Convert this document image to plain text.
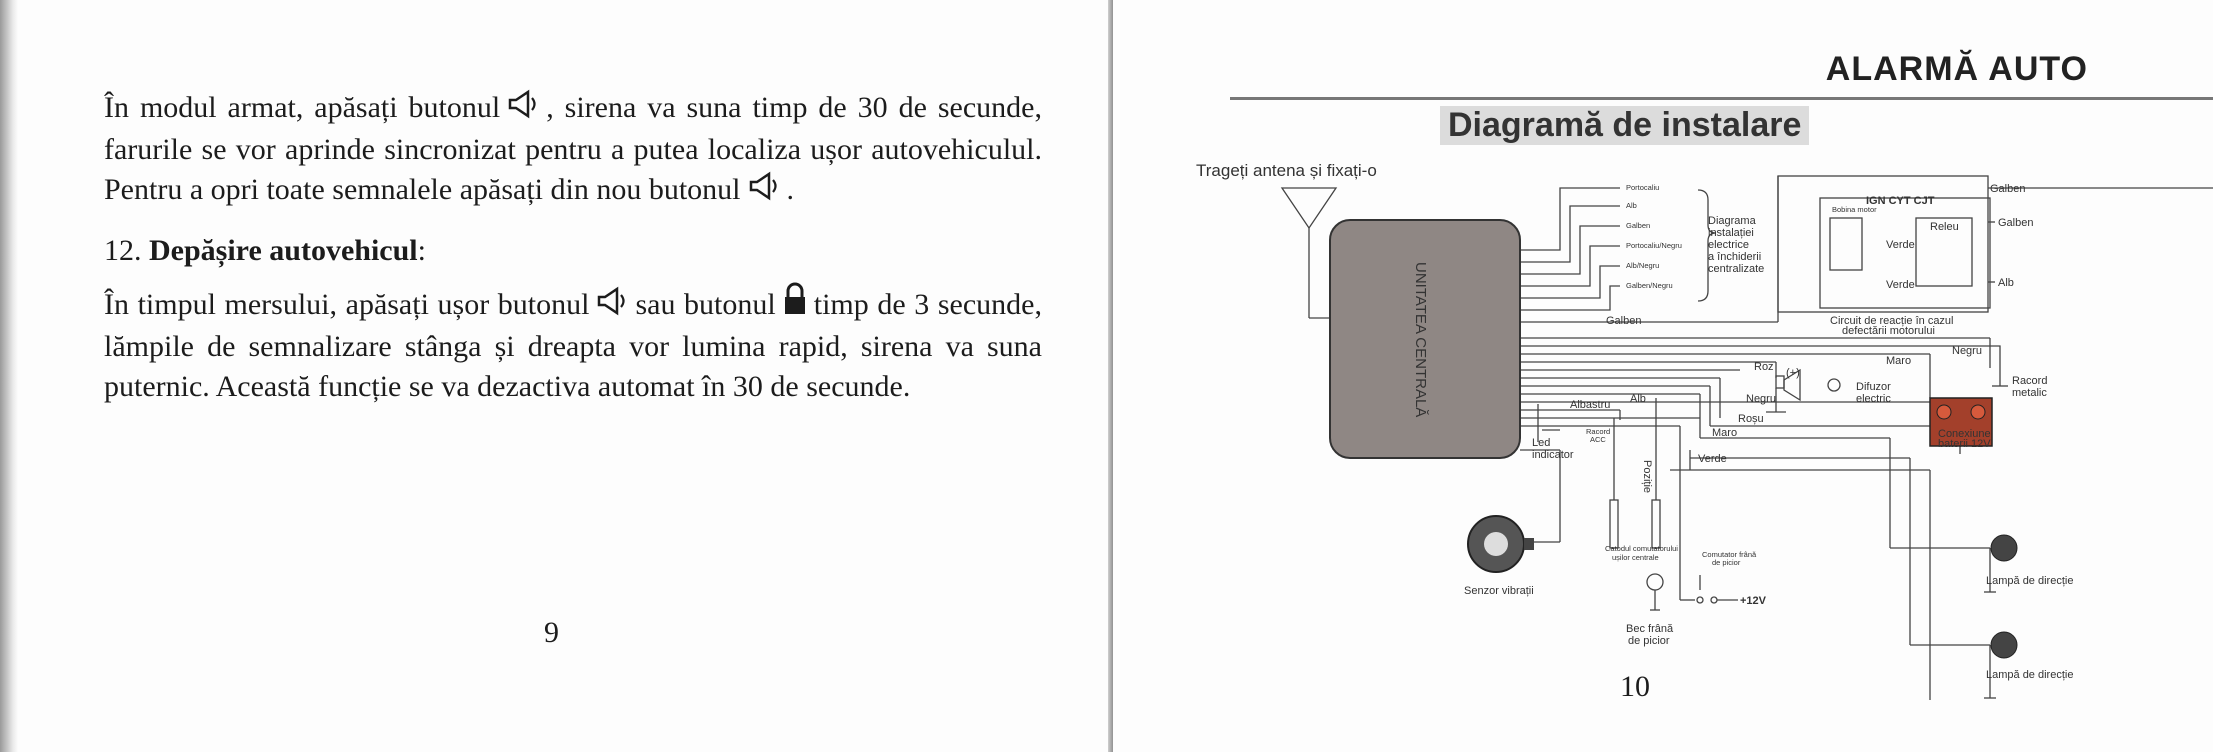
În modul armat, apăsați butonul , sirena va suna timp de 30 de secunde, farurile se vor aprinde sincronizat pentru a putea localiza ușor autovehiculul. Pentru a opri toate semnalele apăsați din nou butonul .
12. Depășire autovehicul:
În timpul mersului, apăsați ușor butonul sau butonul timp de 3 secunde, lămpile de semnalizare stânga și dreapta vor lumina rapid, sirena va suna puternic. Această funcție se va dezactiva automat în 30 de secunde.
9
ALARMĂ AUTO
Diagramă de instalare
10
UNITATEA CENTRALĂ
Trageți antena și fixați-o
Portocaliu
Alb
Galben
Portocaliu/Negru
Alb/Negru
Galben/Negru
Bobina motor
Catodul comutatorului
ușilor centrale	Comutator frână
de picior
Racord
ACC
Diagrama
instalației
electrice
a închiderii
centralizate
IGN CYT CJT
Releu
Verde
Verde
Galben
Galben
Alb
Circuit de reacție în cazul
defectării motorului
Galben
Negru
Maro
Roz (+)
Negru
Roșu
Maro
Verde
Alb
Albastru
Difuzor
electric
Racord
metalic
Conexiune
baterii 12V
Led
indicator
Poziție
Senzor vibrații
+12V
Bec frână
de picior
Lampă de direcție
Lampă de direcție
